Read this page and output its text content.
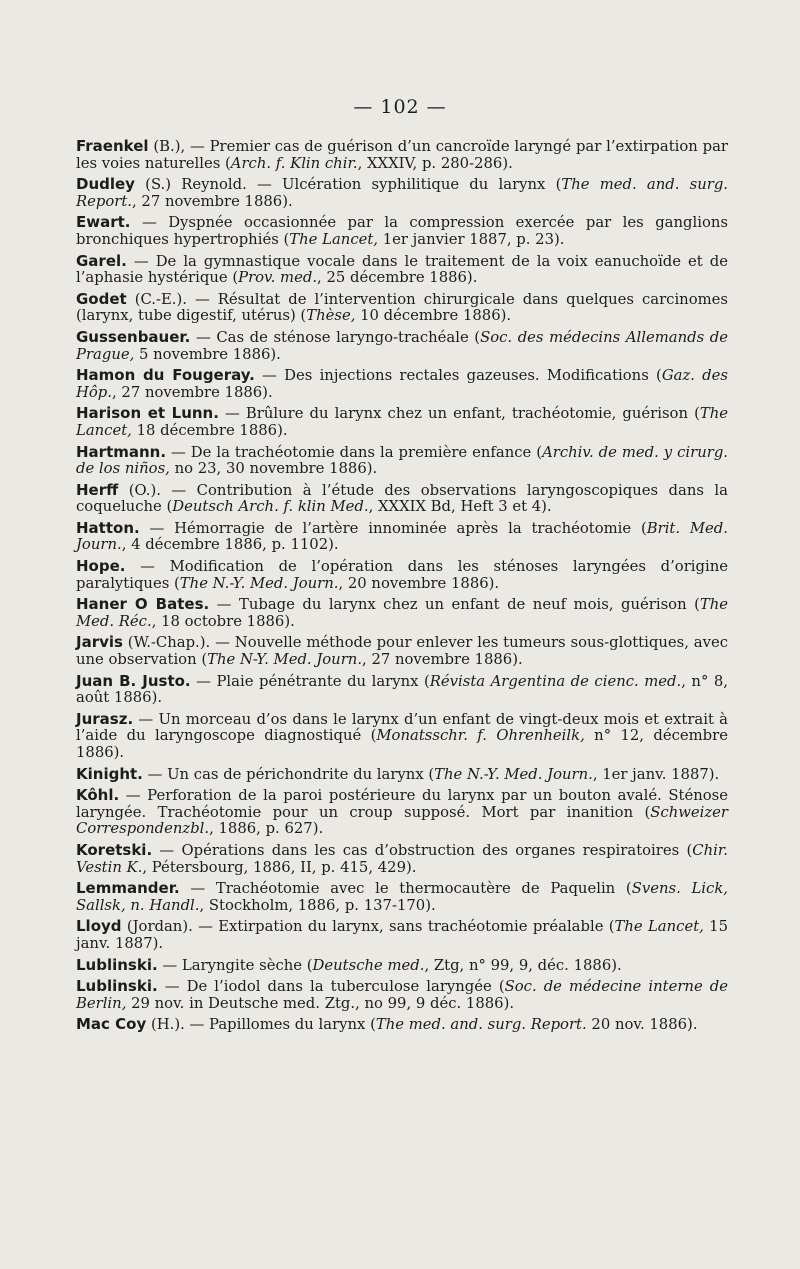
— 102 —

Fraenkel (B.), — Premier cas de guérison d’un cancroïde laryngé par l’extirpation par les voies naturelles (Arch. f. Klin chir., XXXIV, p. 280-286).

Dudley (S.) Reynold. — Ulcération syphilitique du larynx (The med. and. surg. Report., 27 novembre 1886).

Ewart. — Dyspnée occasionnée par la compression exercée par les ganglions bronchiques hypertrophiés (The Lancet, 1er janvier 1887, p. 23).

Garel. — De la gymnastique vocale dans le traitement de la voix eanuchoïde et de l’aphasie hystérique (Prov. med., 25 décembre 1886).

Godet (C.-E.). — Résultat de l’intervention chirurgicale dans quelques carcinomes (larynx, tube digestif, utérus) (Thèse, 10 décembre 1886).

Gussenbauer. — Cas de sténose laryngo-trachéale (Soc. des médecins Allemands de Prague, 5 novembre 1886).

Hamon du Fougeray. — Des injections rectales gazeuses. Modifications (Gaz. des Hôp., 27 novembre 1886).

Harison et Lunn. — Brûlure du larynx chez un enfant, trachéotomie, guérison (The Lancet, 18 décembre 1886).

Hartmann. — De la trachéotomie dans la première enfance (Archiv. de med. y cirurg. de los niños, no 23, 30 novembre 1886).

Herff (O.). — Contribution à l’étude des observations laryngoscopiques dans la coqueluche (Deutsch Arch. f. klin Med., XXXIX Bd, Heft 3 et 4).

Hatton. — Hémorragie de l’artère innominée après la trachéotomie (Brit. Med. Journ., 4 décembre 1886, p. 1102).

Hope. — Modification de l’opération dans les sténoses laryngées d’origine paralytiques (The N.-Y. Med. Journ., 20 novembre 1886).

Haner O Bates. — Tubage du larynx chez un enfant de neuf mois, guérison (The Med. Réc., 18 octobre 1886).

Jarvis (W.-Chap.). — Nouvelle méthode pour enlever les tumeurs sous-glottiques, avec une observation (The N-Y. Med. Journ., 27 novembre 1886).

Juan B. Justo. — Plaie pénétrante du larynx (Révista Argentina de cienc. med., n° 8, août 1886).

Jurasz. — Un morceau d’os dans le larynx d’un enfant de vingt-deux mois et extrait à l’aide du laryngoscope diagnostiqué (Monatsschr. f. Ohrenheilk, n° 12, décembre 1886).

Kinight. — Un cas de périchondrite du larynx (The N.-Y. Med. Journ., 1er janv. 1887).

Kôhl. — Perforation de la paroi postérieure du larynx par un bouton avalé. Sténose laryngée. Trachéotomie pour un croup supposé. Mort par inanition (Schweizer Correspondenzbl., 1886, p. 627).

Koretski. — Opérations dans les cas d’obstruction des organes respiratoires (Chir. Vestin K., Pétersbourg, 1886, II, p. 415, 429).

Lemmander. — Trachéotomie avec le thermocautère de Paquelin (Svens. Lick, Sallsk, n. Handl., Stockholm, 1886, p. 137-170).

Lloyd (Jordan). — Extirpation du larynx, sans trachéotomie préalable (The Lancet, 15 janv. 1887).

Lublinski. — Laryngite sèche (Deutsche med., Ztg, n° 99, 9, déc. 1886).

Lublinski. — De l’iodol dans la tuberculose laryngée (Soc. de médecine interne de Berlin, 29 nov. in Deutsche med. Ztg., no 99, 9 déc. 1886).

Mac Coy (H.). — Papillomes du larynx (The med. and. surg. Report. 20 nov. 1886).
